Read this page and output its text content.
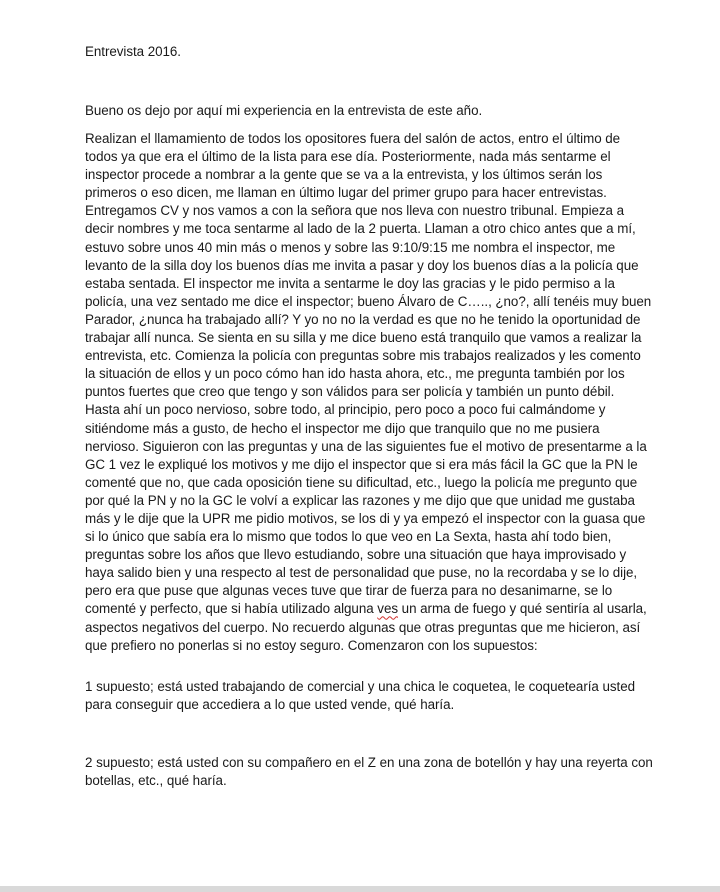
Entrevista 2016.
Bueno os dejo por aquí mi experiencia en la entrevista de este año.
Realizan el llamamiento de todos los opositores fuera del salón de actos, entro el último de
todos ya que era el último de la lista para ese día. Posteriormente, nada más sentarme el
inspector procede a nombrar a la gente que se va a la entrevista, y los últimos serán los
primeros o eso dicen, me llaman en último lugar del primer grupo para hacer entrevistas.
Entregamos CV y nos vamos a con la señora que nos lleva con nuestro tribunal. Empieza a
decir nombres y me toca sentarme al lado de la 2 puerta. Llaman a otro chico antes que a mí,
estuvo sobre unos 40 min más o menos y sobre las 9:10/9:15 me nombra el inspector, me
levanto de la silla doy los buenos días me invita a pasar y doy los buenos días a la policía que
estaba sentada. El inspector me invita a sentarme le doy las gracias y le pido permiso a la
policía, una vez sentado me dice el inspector; bueno Álvaro de C….., ¿no?, allí tenéis muy buen
Parador, ¿nunca ha trabajado allí? Y yo no no la verdad es que no he tenido la oportunidad de
trabajar allí nunca. Se sienta en su silla y me dice bueno está tranquilo que vamos a realizar la
entrevista, etc. Comienza la policía con preguntas sobre mis trabajos realizados y les comento
la situación de ellos y un poco cómo han ido hasta ahora, etc., me pregunta también por los
puntos fuertes que creo que tengo y son válidos para ser policía y también un punto débil.
Hasta ahí un poco nervioso, sobre todo, al principio, pero poco a poco fui calmándome y
sitiéndome más a gusto, de hecho el inspector me dijo que tranquilo que no me pusiera
nervioso. Siguieron con las preguntas y una de las siguientes fue el motivo de presentarme a la
GC 1 vez le expliqué los motivos y me dijo el inspector que si era más fácil la GC que la PN le
comenté que no, que cada oposición tiene su dificultad, etc., luego la policía me pregunto que
por qué la PN y no la GC le volví a explicar las razones y me dijo que que unidad me gustaba
más y le dije que la UPR me pidio motivos, se los di y ya empezó el inspector con la guasa que
si lo único que sabía era lo mismo que todos lo que veo en La Sexta, hasta ahí todo bien,
preguntas sobre los años que llevo estudiando, sobre una situación que haya improvisado y
haya salido bien y una respecto al test de personalidad que puse, no la recordaba y se lo dije,
pero era que puse que algunas veces tuve que tirar de fuerza para no desanimarne, se lo
comenté y perfecto, que si había utilizado alguna ves un arma de fuego y qué sentiría al usarla,
aspectos negativos del cuerpo. No recuerdo algunas que otras preguntas que me hicieron, así
que prefiero no ponerlas si no estoy seguro. Comenzaron con los supuestos:
1 supuesto; está usted trabajando de comercial y una chica le coquetea, le coquetearía usted
para conseguir que accediera a lo que usted vende, qué haría.
2 supuesto; está usted con su compañero en el Z en una zona de botellón y hay una reyerta con
botellas, etc., qué haría.
